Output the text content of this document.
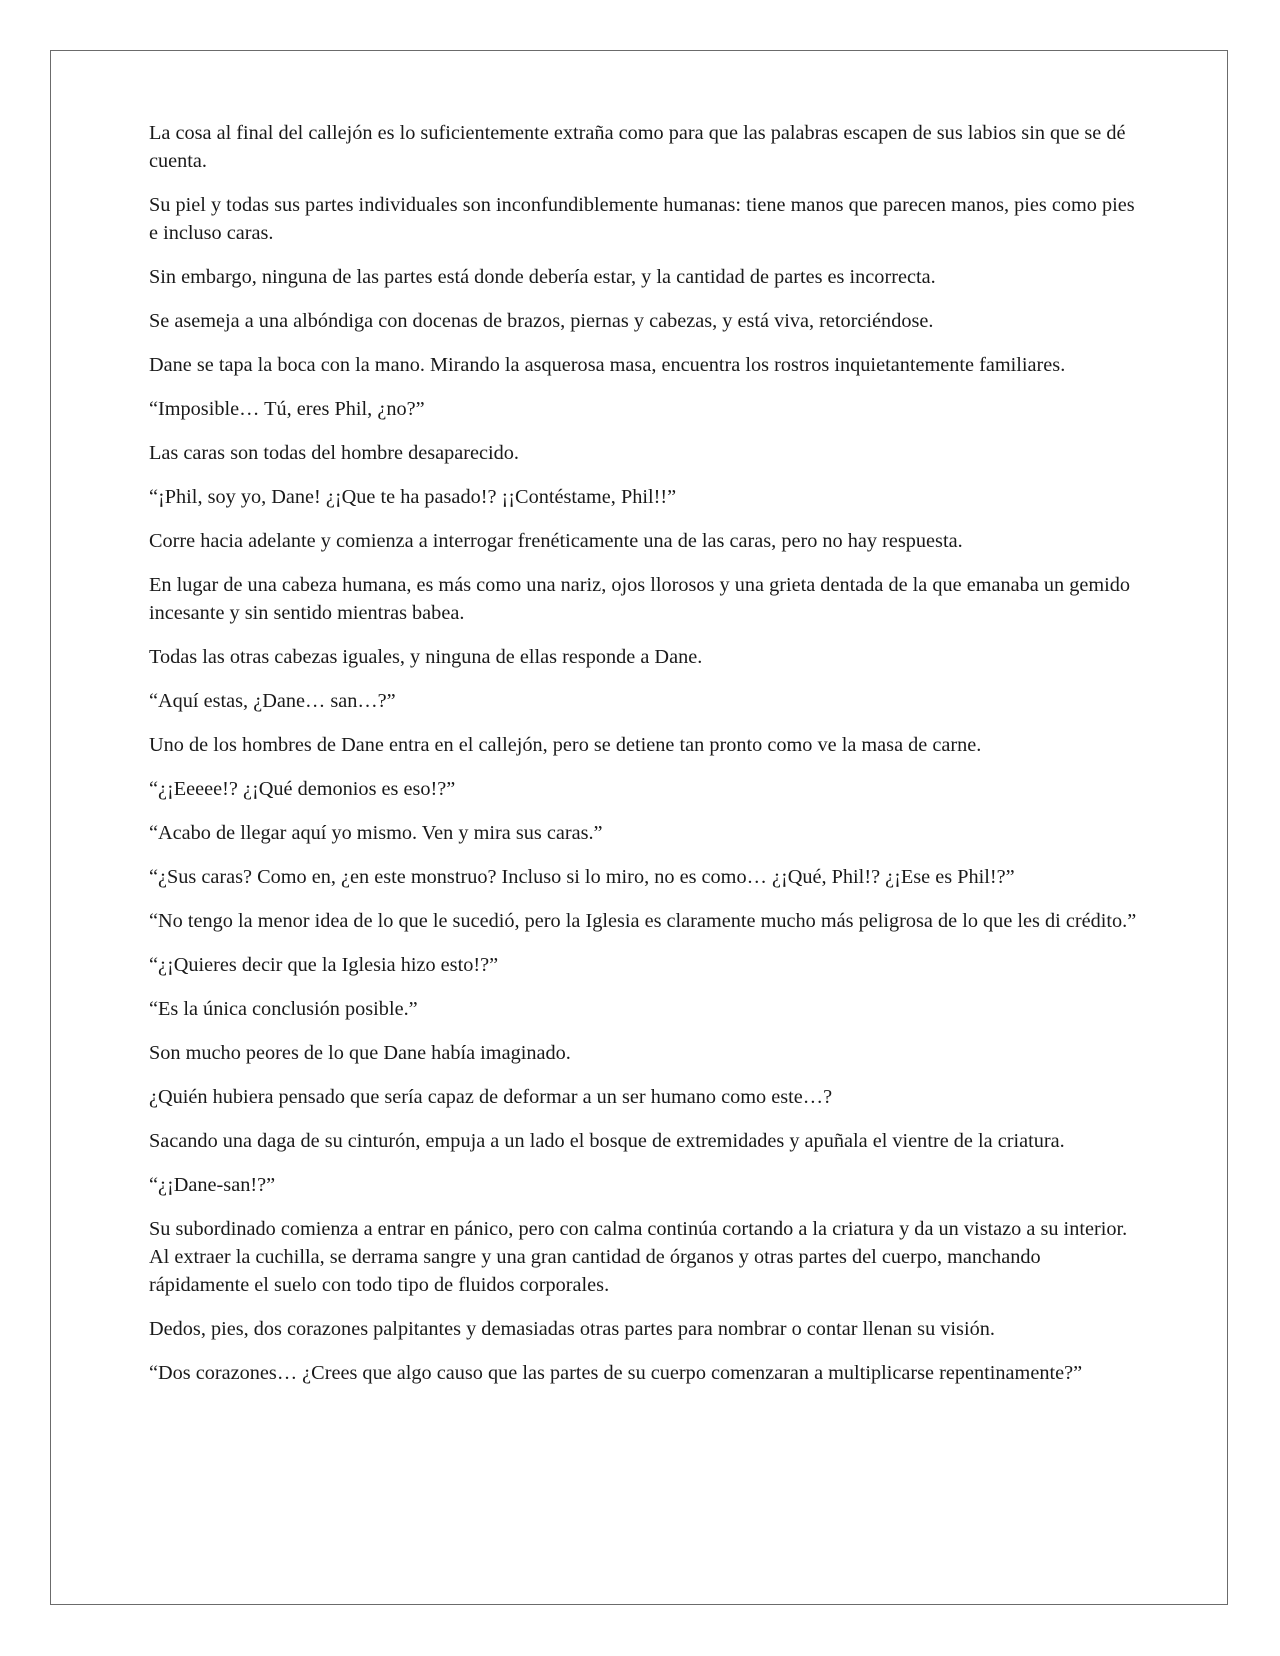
La cosa al final del callejón es lo suficientemente extraña como para que las palabras escapen de sus labios sin que se dé cuenta.

Su piel y todas sus partes individuales son inconfundiblemente humanas: tiene manos que parecen manos, pies como pies e incluso caras.

Sin embargo, ninguna de las partes está donde debería estar, y la cantidad de partes es incorrecta.

Se asemeja a una albóndiga con docenas de brazos, piernas y cabezas, y está viva, retorciéndose.

Dane se tapa la boca con la mano. Mirando la asquerosa masa, encuentra los rostros inquietantemente familiares.

“Imposible… Tú, eres Phil, ¿no?”

Las caras son todas del hombre desaparecido.

“¡Phil, soy yo, Dane! ¿¡Que te ha pasado!? ¡¡Contéstame, Phil!!”

Corre hacia adelante y comienza a interrogar frenéticamente una de las caras, pero no hay respuesta.

En lugar de una cabeza humana, es más como una nariz, ojos llorosos y una grieta dentada de la que emanaba un gemido incesante y sin sentido mientras babea.

Todas las otras cabezas iguales, y ninguna de ellas responde a Dane.

“Aquí estas, ¿Dane… san…?”

Uno de los hombres de Dane entra en el callejón, pero se detiene tan pronto como ve la masa de carne.

“¿¡Eeeee!? ¿¡Qué demonios es eso!?”

“Acabo de llegar aquí yo mismo. Ven y mira sus caras.”

“¿Sus caras? Como en, ¿en este monstruo? Incluso si lo miro, no es como… ¿¡Qué, Phil!? ¿¡Ese es Phil!?”

“No tengo la menor idea de lo que le sucedió, pero la Iglesia es claramente mucho más peligrosa de lo que les di crédito.”

“¿¡Quieres decir que la Iglesia hizo esto!?”

“Es la única conclusión posible.”

Son mucho peores de lo que Dane había imaginado.

¿Quién hubiera pensado que sería capaz de deformar a un ser humano como este…?

Sacando una daga de su cinturón, empuja a un lado el bosque de extremidades y apuñala el vientre de la criatura.

“¿¡Dane-san!?”

Su subordinado comienza a entrar en pánico, pero con calma continúa cortando a la criatura y da un vistazo a su interior. Al extraer la cuchilla, se derrama sangre y una gran cantidad de órganos y otras partes del cuerpo, manchando rápidamente el suelo con todo tipo de fluidos corporales.

Dedos, pies, dos corazones palpitantes y demasiadas otras partes para nombrar o contar llenan su visión.

“Dos corazones… ¿Crees que algo causo que las partes de su cuerpo comenzaran a multiplicarse repentinamente?”
